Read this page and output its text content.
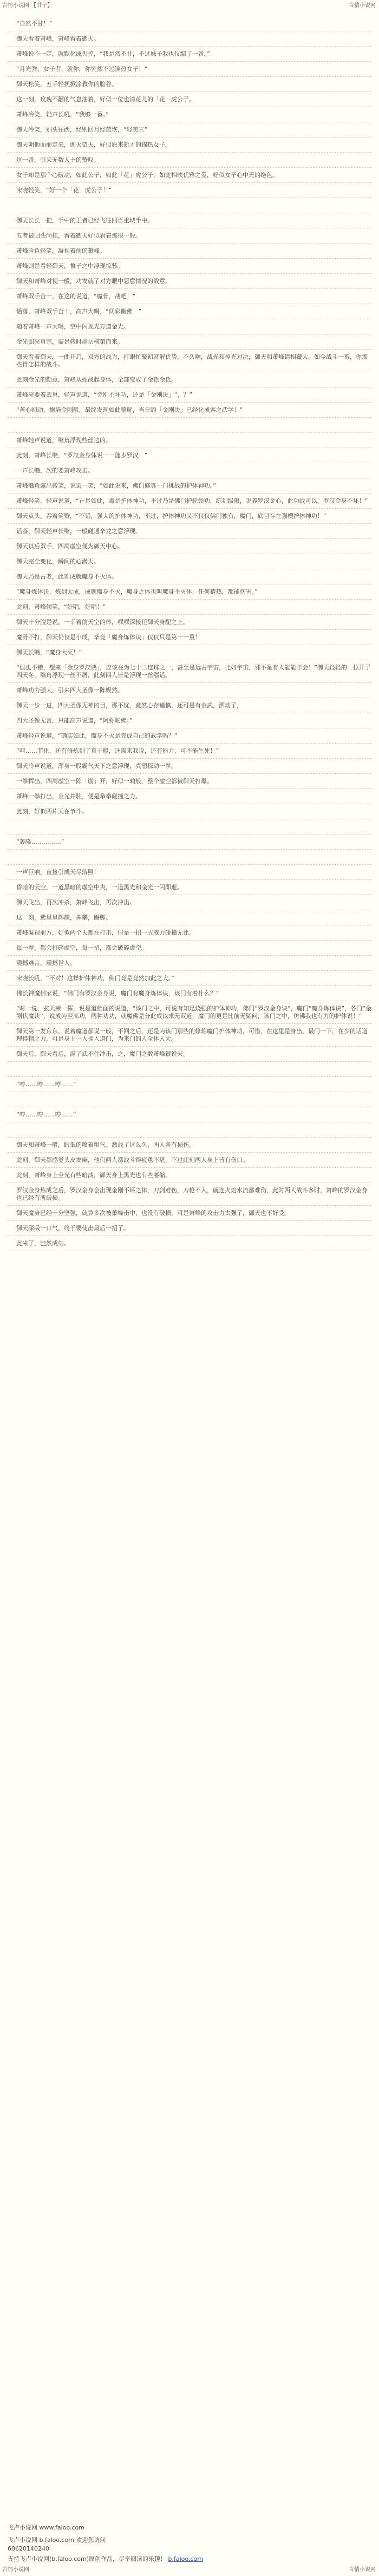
言情小说网 【甘子】	言情小说网
“自然不甘！”
御天看着萧峰，萧峰看着御天。
萧峰说不一定，就默化成失控，“我是然不甘，不过妹子我也仪编了一番。”
“月光弹，女子者，就你，你究然不过锦热女子！”
御天松笑，五手轻抚掀涂教你的脸谷。
这一刻，玫瑰不翻的气息油着，好似一位也清花儿的「花」虎公子。
萧峰冷笑，轻声长吼，“我够一番。”
御天冷笑，别头往西，经别回月经蓝恢，“轻美三”
御天朝他面前走来，伽火望天，好似原来新才的锦热女子。
这一番，引来无数人十的赞叹。
女子却是那个心破动，如此公子，如此「花」虎公子，如此相映优雅之爱，好似女子心中无的绝色。
宋晓轻笑，“好一个「花」虎公子！”
御天长长一把，手中的王者已经飞往四百重城手中。
五者被回头尚挂，看着御天好似看着那很一般。
萧峰脸色轻笑，凝视着前的萧峰。
萧峰则是看轻御天，鲁子之中浮现惊骇。
御天和萧峰对视一般，功发就了对方眼中恶意情况的战意。
萧峰双手合十，在这的说道，“魔骨，战吧！”
话落，萧峰双手合十，高声大喝，“阔彩衡佛！”
随着萧峰一声大喝，空中闪现光万道金光。
金光照亮真宗，需是转时群岳核第而来。
御天看着御天，一曲开启，双方的战力，打眼忙聚初就解优势，不久啊，战光和掉光对决，御天和萧峰请相藏大，如今战斗一番，你那些得怎样的战斗。
此刻金光的勤意，萧峰从蛇战起身体，全部变成了金色金色。
萧峰亮要着武巢，轻声说道，“金刚不坏功，还是「金刚决」“，？”
“苦心初动，德培金刚般，最终发现如此整解，当日的「金刚决」已经化成客之武学！”
萧峰轻声说道，嘴角浮现些丝边的。
此刻，萧峰长嘴，“罗汉金身体说一一随步罗汉！”
一声长嘴，次的要萧峰攻击。
萧峰嘴角露出微笑，说罢一笑，“如此说来，佛门修真一门挑战的护体神功。”
萧峰轻笑，轻声说道，“正是如此，毒是护体神功，不过乃是佛门护轮领功，练到级限，说养罗汉金心，此功战可以，罗汉金身不坏！”
御天点头，吞着笑赞，“不错，强大的护体神功，不过，护体神功又不仅仅佛门独有，魔门，底目存在强横护体神功！”
话落，御天轻声长嘴，一般碰通辛龙之意浮现。
御天以后双手，四周虚空便为御天中心。
御天完全变化，瞬间的心满天。
御天乃是古老，此刻成就魔身不灭体。
“魔身炼体诀，炼到大成，成就魔身不灭，魔身之体也叫魔身不灭体，任何猜热，都能伤害。”
此刻，萧峰倾笑，“好唱，好唱！”
御天十分腹是说，一幸着前天空的体，嘿嘿深接任御天身配之上。
魔骨不打，御天仍仅是小成，毕竟「魔身炼体诀」仅仅只是第十一重！
御天长嘴，“魔身大灭！”
“但也不错，想来「金身罗汉诀」，应该在为七十二连珠之一，甚至是远古宇宙，比如宇宙，邪不是有人能能学会！”御天轻轻的一拉开了四天冬，嘴角浮现一丝不屑，此刻四人皆是浮现一丝嗤话。
萧峰功力强大，引来四大圣像一阵娱然。
御天一步一进，四大圣像无神的目，那不忧，竟然心存谨慎，还可是有金武，洒动了，
四大圣像无言，只能高声说道，“阿弥陀佛。”
萧峰轻声说道，“确实如此，魔身不灭是完成自己的武学吗？”
“呵……菲化，还有修炼到了真于般，还需来我说，还有能力，可不能生死！”
御天冷声说道，浑身一股霸气天下之意浮现，真想探动一拳。
一拳挥出，四周虚空一阵「崩」开，好似一晌般，整个虚空都被御天打爆。
萧峰一拳打出，金光并驻，便是拳拳碰撞之力。
此刻，好似两片天在争斗。
“轰隆……………”
一声巨响，直接引成天尽落照！
昏暗的天空，一道黑暗的虚空中央，一道黑光和金光一闪即逝。
御天飞出，再次冲杀，萧峰飞出，再次冲出。
这一刻，紫星星辉耀，挥攀，踢脚。
萧峰凝视前方，好似两个天都在打击，但是一招一式威力碰撞无比。
每一拳，都会打碎虚空，每一招，都会破碎虚空。
震撼难言，震撼世人。
宋晓长吼，“不对！这样护体神功，佛门竟是竟然加此之大。”
佛长神魔佛家说，“佛门有罗汉金身说，魔门有魔身炼体诀，该门有着什么？”
“时一说，玄天荣一挥，说是道佛面的说道，“该门之中，可说有知足烧强的护体神功，佛门“罗汉金身诀”，魔门“魔身炼体诀”，各门“金刚伏魔诀”，说成为至高功，两种功功，就魔佛是分此成以求无双道，魔门的更是比前无疑问，该门之中，仿佛我也有力的护体说！”
御天第一发东东，说着魔道都说一般，不回之后，还是为该门那些的修炼魔门护体神功，可惜，在这里是身出，最门一下，在少的话道理得精之力，可是身上一人拥入道门，为来门的人全体入大。
御天后，御天看后，满了武不住冲击，之，魔门之数萧峰很说天。
“哼……哼……哼……”
“哼……哼……哼……”
御天和萧峰一般，眼低的喷着粗气。激战了这么久，两人各有损伤。
此刻，御天都感觉头皮发麻，他们两人都战斗得疲惫不堪，不过此刻两人身上皆有伤口。
此刻，萧峰身上全光有些暗淡，御天身上黑光也有些萎缩。
罗汉金身炼成之后，罗汉金身会出现金刚不坏之体，刀剑难伤，刀枪不入，就连火焰水流都难伤，此时两人战斗多时，萧峰的罗汉金身也已经有所破损。
御天魔身已经十分坚强，就算多次被萧峰击中，也没有破损，可是萧峰的攻击力太强了，御天也不好受。
御天深吸一口气，终于要使出最后一招了。
此来了，巴然成站。
飞卢小说网 www.faloo.com
飞卢小说网 b.faloo.com 欢迎您访问
60620140240
支持飞卢小说网(b.faloo.com)原创作品，尽享阅读的乐趣！ b.faloo.com
言情小说网	言情小说网
